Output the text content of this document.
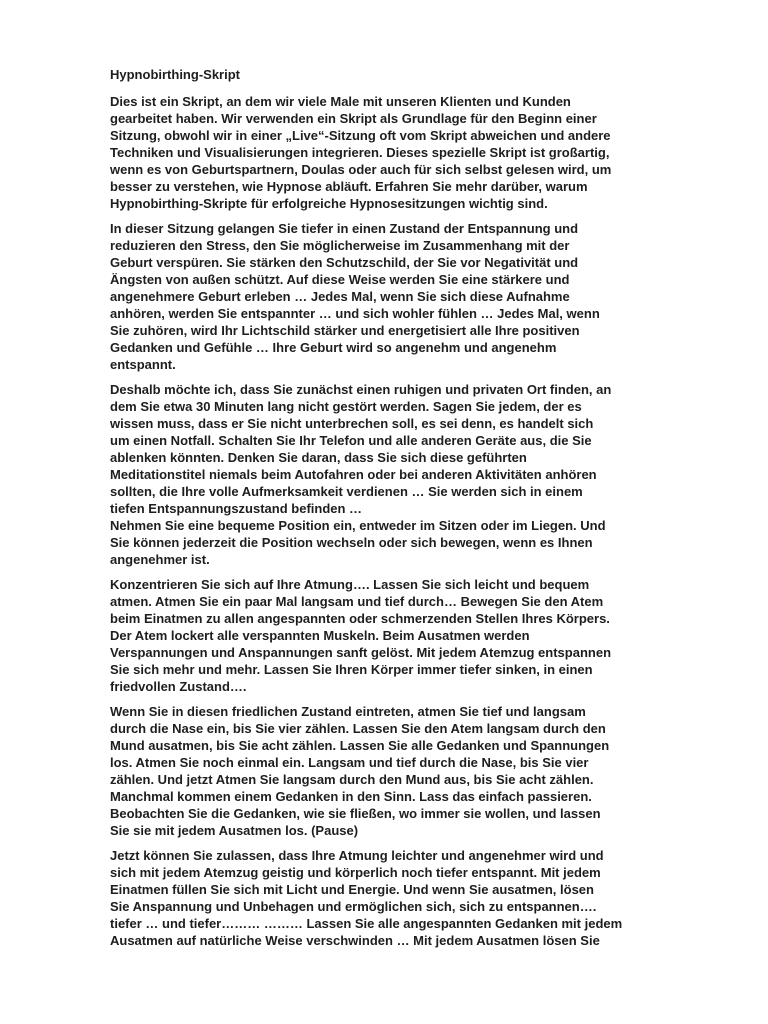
Hypnobirthing-Skript
Dies ist ein Skript, an dem wir viele Male mit unseren Klienten und Kunden
gearbeitet haben. Wir verwenden ein Skript als Grundlage für den Beginn einer
Sitzung, obwohl wir in einer „Live“-Sitzung oft vom Skript abweichen und andere
Techniken und Visualisierungen integrieren. Dieses spezielle Skript ist großartig,
wenn es von Geburtspartnern, Doulas oder auch für sich selbst gelesen wird, um
besser zu verstehen, wie Hypnose abläuft. Erfahren Sie mehr darüber, warum
Hypnobirthing-Skripte für erfolgreiche Hypnosesitzungen wichtig sind.
In dieser Sitzung gelangen Sie tiefer in einen Zustand der Entspannung und
reduzieren den Stress, den Sie möglicherweise im Zusammenhang mit der
Geburt verspüren. Sie stärken den Schutzschild, der Sie vor Negativität und
Ängsten von außen schützt. Auf diese Weise werden Sie eine stärkere und
angenehmere Geburt erleben … Jedes Mal, wenn Sie sich diese Aufnahme
anhören, werden Sie entspannter … und sich wohler fühlen … Jedes Mal, wenn
Sie zuhören, wird Ihr Lichtschild stärker und energetisiert alle Ihre positiven
Gedanken und Gefühle … Ihre Geburt wird so angenehm und angenehm
entspannt.
Deshalb möchte ich, dass Sie zunächst einen ruhigen und privaten Ort finden, an
dem Sie etwa 30 Minuten lang nicht gestört werden. Sagen Sie jedem, der es
wissen muss, dass er Sie nicht unterbrechen soll, es sei denn, es handelt sich
um einen Notfall. Schalten Sie Ihr Telefon und alle anderen Geräte aus, die Sie
ablenken könnten. Denken Sie daran, dass Sie sich diese geführten
Meditationstitel niemals beim Autofahren oder bei anderen Aktivitäten anhören
sollten, die Ihre volle Aufmerksamkeit verdienen … Sie werden sich in einem
tiefen Entspannungszustand befinden …
Nehmen Sie eine bequeme Position ein, entweder im Sitzen oder im Liegen. Und
Sie können jederzeit die Position wechseln oder sich bewegen, wenn es Ihnen
angenehmer ist.
Konzentrieren Sie sich auf Ihre Atmung…. Lassen Sie sich leicht und bequem
atmen. Atmen Sie ein paar Mal langsam und tief durch… Bewegen Sie den Atem
beim Einatmen zu allen angespannten oder schmerzenden Stellen Ihres Körpers.
Der Atem lockert alle verspannten Muskeln. Beim Ausatmen werden
Verspannungen und Anspannungen sanft gelöst. Mit jedem Atemzug entspannen
Sie sich mehr und mehr. Lassen Sie Ihren Körper immer tiefer sinken, in einen
friedvollen Zustand….
Wenn Sie in diesen friedlichen Zustand eintreten, atmen Sie tief und langsam
durch die Nase ein, bis Sie vier zählen. Lassen Sie den Atem langsam durch den
Mund ausatmen, bis Sie acht zählen. Lassen Sie alle Gedanken und Spannungen
los. Atmen Sie noch einmal ein. Langsam und tief durch die Nase, bis Sie vier
zählen. Und jetzt Atmen Sie langsam durch den Mund aus, bis Sie acht zählen.
Manchmal kommen einem Gedanken in den Sinn. Lass das einfach passieren.
Beobachten Sie die Gedanken, wie sie fließen, wo immer sie wollen, und lassen
Sie sie mit jedem Ausatmen los. (Pause)
Jetzt können Sie zulassen, dass Ihre Atmung leichter und angenehmer wird und
sich mit jedem Atemzug geistig und körperlich noch tiefer entspannt. Mit jedem
Einatmen füllen Sie sich mit Licht und Energie. Und wenn Sie ausatmen, lösen
Sie Anspannung und Unbehagen und ermöglichen sich, sich zu entspannen….
tiefer … und tiefer……… ……… Lassen Sie alle angespannten Gedanken mit jedem
Ausatmen auf natürliche Weise verschwinden … Mit jedem Ausatmen lösen Sie
